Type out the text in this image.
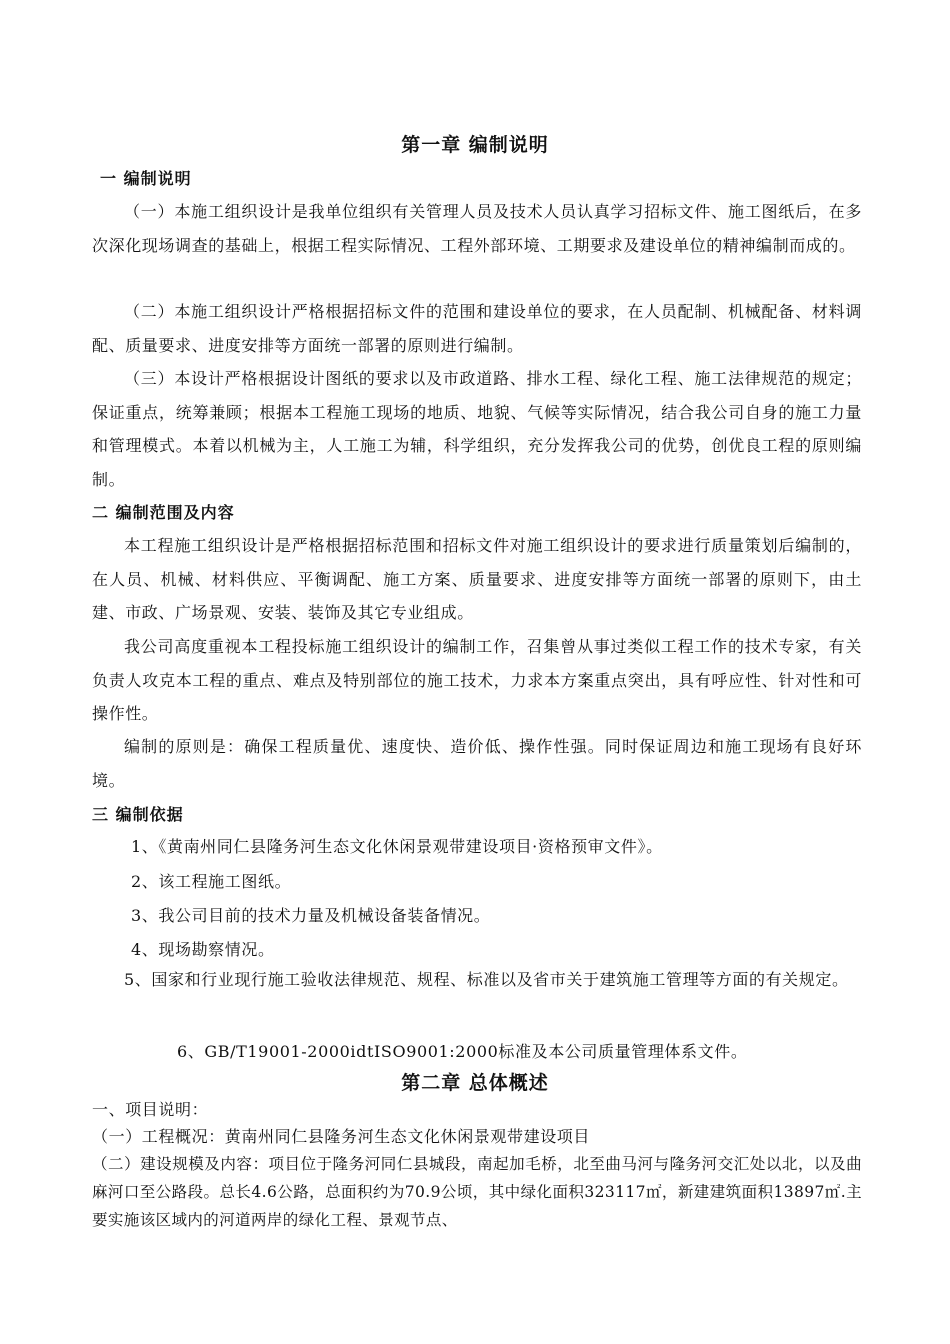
第一章 编制说明
一 编制说明
（一）本施工组织设计是我单位组织有关管理人员及技术人员认真学习招标文件、施工图纸后，在多次深化现场调查的基础上，根据工程实际情况、工程外部环境、工期要求及建设单位的精神编制而成的。
（二）本施工组织设计严格根据招标文件的范围和建设单位的要求，在人员配制、机械配备、材料调配、质量要求、进度安排等方面统一部署的原则进行编制。
（三）本设计严格根据设计图纸的要求以及市政道路、排水工程、绿化工程、施工法律规范的规定；保证重点，统筹兼顾；根据本工程施工现场的地质、地貌、气候等实际情况，结合我公司自身的施工力量和管理模式。本着以机械为主，人工施工为辅，科学组织，充分发挥我公司的优势，创优良工程的原则编制。
二 编制范围及内容
本工程施工组织设计是严格根据招标范围和招标文件对施工组织设计的要求进行质量策划后编制的，在人员、机械、材料供应、平衡调配、施工方案、质量要求、进度安排等方面统一部署的原则下，由土建、市政、广场景观、安装、装饰及其它专业组成。
我公司高度重视本工程投标施工组织设计的编制工作，召集曾从事过类似工程工作的技术专家，有关负责人攻克本工程的重点、难点及特别部位的施工技术，力求本方案重点突出，具有呼应性、针对性和可操作性。
编制的原则是：确保工程质量优、速度快、造价低、操作性强。同时保证周边和施工现场有良好环境。
三 编制依据
1、《黄南州同仁县隆务河生态文化休闲景观带建设项目·资格预审文件》。
2、该工程施工图纸。
3、我公司目前的技术力量及机械设备装备情况。
4、现场勘察情况。
5、国家和行业现行施工验收法律规范、规程、标准以及省市关于建筑施工管理等方面的有关规定。
6、GB/T19001-2000idtISO9001:2000标准及本公司质量管理体系文件。
第二章 总体概述
一、项目说明：
（一）工程概况：黄南州同仁县隆务河生态文化休闲景观带建设项目
（二）建设规模及内容：项目位于隆务河同仁县城段，南起加毛桥，北至曲马河与隆务河交汇处以北，以及曲麻河口至公路段。总长4.6公路，总面积约为70.9公顷，其中绿化面积323117㎡，新建建筑面积13897㎡.主要实施该区域内的河道两岸的绿化工程、景观节点、
